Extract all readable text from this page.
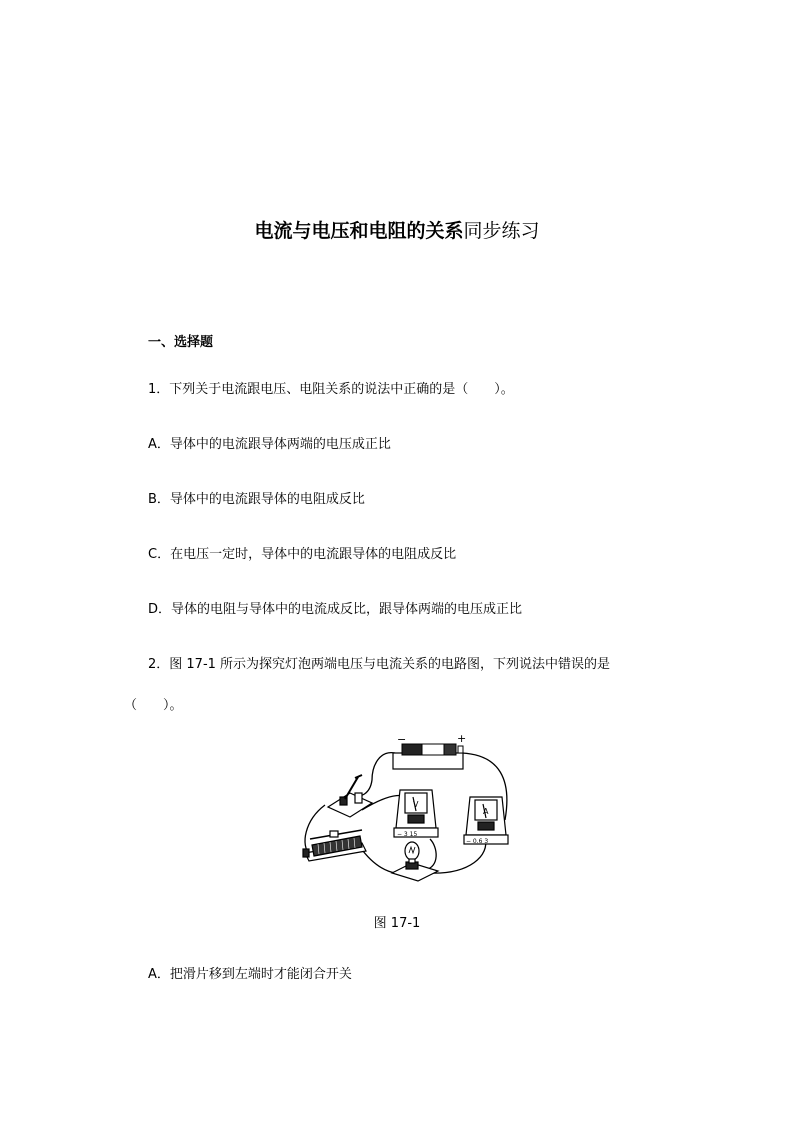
电流与电压和电阻的关系同步练习
一、选择题
1．下列关于电流跟电压、电阻关系的说法中正确的是（　　）。
A．导体中的电流跟导体两端的电压成正比
B．导体中的电流跟导体的电阻成反比
C．在电压一定时，导体中的电流跟导体的电阻成反比
D．导体的电阻与导体中的电流成反比，跟导体两端的电压成正比
2．图 17-1 所示为探究灯泡两端电压与电流关系的电路图，下列说法中错误的是
（　　）。
−	+
V
− 3 15
A
− 0.6 3
图 17-1
A．把滑片移到左端时才能闭合开关
